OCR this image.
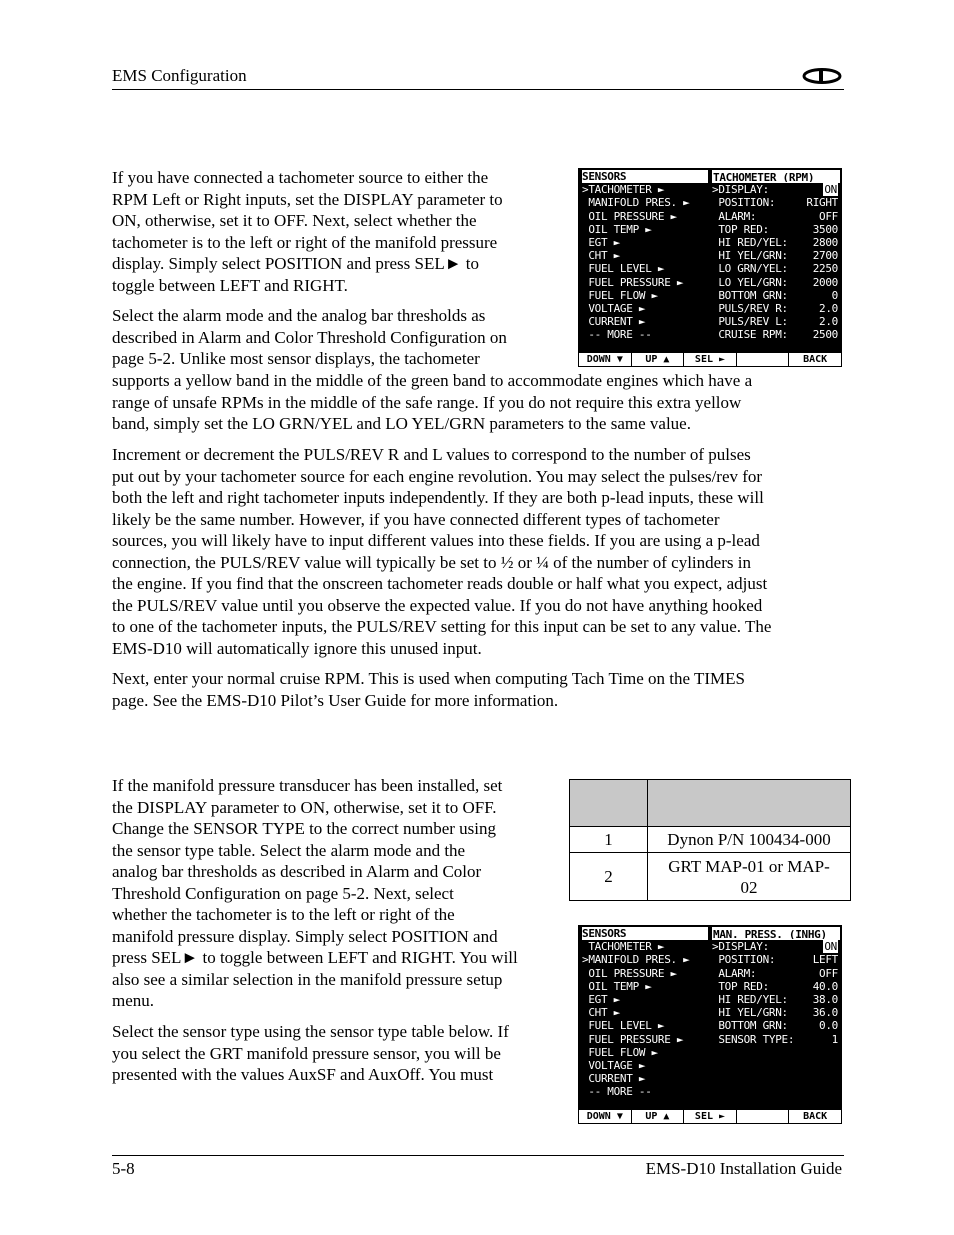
EMS Configuration
If you have connected a tachometer source to either the
RPM Left or Right inputs, set the DISPLAY parameter to
ON, otherwise, set it to OFF. Next, select whether the
tachometer is to the left or right of the manifold pressure
display. Simply select POSITION and press SEL► to
toggle between LEFT and RIGHT.
Select the alarm mode and the analog bar thresholds as
described in Alarm and Color Threshold Configuration on
page 5-2. Unlike most sensor displays, the tachometer
supports a yellow band in the middle of the green band to accommodate engines which have a
range of unsafe RPMs in the middle of the safe range. If you do not require this extra yellow
band, simply set the LO GRN/YEL and LO YEL/GRN parameters to the same value.
Increment or decrement the PULS/REV R and L values to correspond to the number of pulses
put out by your tachometer source for each engine revolution. You may select the pulses/rev for
both the left and right tachometer inputs independently. If they are both p-lead inputs, these will
likely be the same number. However, if you have connected different types of tachometer
sources, you will likely have to input different values into these fields. If you are using a p-lead
connection, the PULS/REV value will typically be set to ½ or ¼ of the number of cylinders in
the engine. If you find that the onscreen tachometer reads double or half what you expect, adjust
the PULS/REV value until you observe the expected value. If you do not have anything hooked
to one of the tachometer inputs, the PULS/REV setting for this input can be set to any value. The
EMS-D10 will automatically ignore this unused input.
Next, enter your normal cruise RPM. This is used when computing Tach Time on the TIMES
page. See the EMS-D10 Pilot’s User Guide for more information.
If the manifold pressure transducer has been installed, set
the DISPLAY parameter to ON, otherwise, set it to OFF.
Change the SENSOR TYPE to the correct number using
the sensor type table. Select the alarm mode and the
analog bar thresholds as described in Alarm and Color
Threshold Configuration on page 5-2. Next, select
whether the tachometer is to the left or right of the
manifold pressure display. Simply select POSITION and
press SEL► to toggle between LEFT and RIGHT. You will
also see a similar selection in the manifold pressure setup
menu.
Select the sensor type using the sensor type table below. If
you select the GRT manifold pressure sensor, you will be
presented with the values AuxSF and AuxOff. You must
SENSORS
>TACHOMETER ►
MANIFOLD PRES. ►
OIL PRESSURE ►
OIL TEMP ►
EGT ►
CHT ►
FUEL LEVEL ►
FUEL PRESSURE ►
FUEL FLOW ►
VOLTAGE ►
CURRENT ►
-- MORE --
TACHOMETER (RPM)
>DISPLAY:	ON
POSITION:	RIGHT
ALARM:	OFF
TOP RED:	3500
HI RED/YEL: 2800
HI YEL/GRN: 2700
LO GRN/YEL: 2250
LO YEL/GRN: 2000
BOTTOM GRN:	0
PULS/REV R:	2.0
PULS/REV L:	2.0
CRUISE RPM: 2500
DOWN ▼	UP ▲	SEL ►	BACK

1	Dynon P/N 100434-000

2	GRT MAP-01 or MAP-
02
SENSORS
TACHOMETER ►
>MANIFOLD PRES. ►
OIL PRESSURE ►
OIL TEMP ►
EGT ►
CHT ►
FUEL LEVEL ►
FUEL PRESSURE ►
FUEL FLOW ►
VOLTAGE ►
CURRENT ►
-- MORE --
MAN. PRESS. (INHG)
>DISPLAY:	ON
POSITION:	LEFT
ALARM:	OFF
TOP RED:	40.0
HI RED/YEL: 38.0
HI YEL/GRN: 36.0
BOTTOM GRN:	0.0
SENSOR TYPE:	1
DOWN ▼	UP ▲	SEL ►	BACK
5-8	EMS-D10 Installation Guide
